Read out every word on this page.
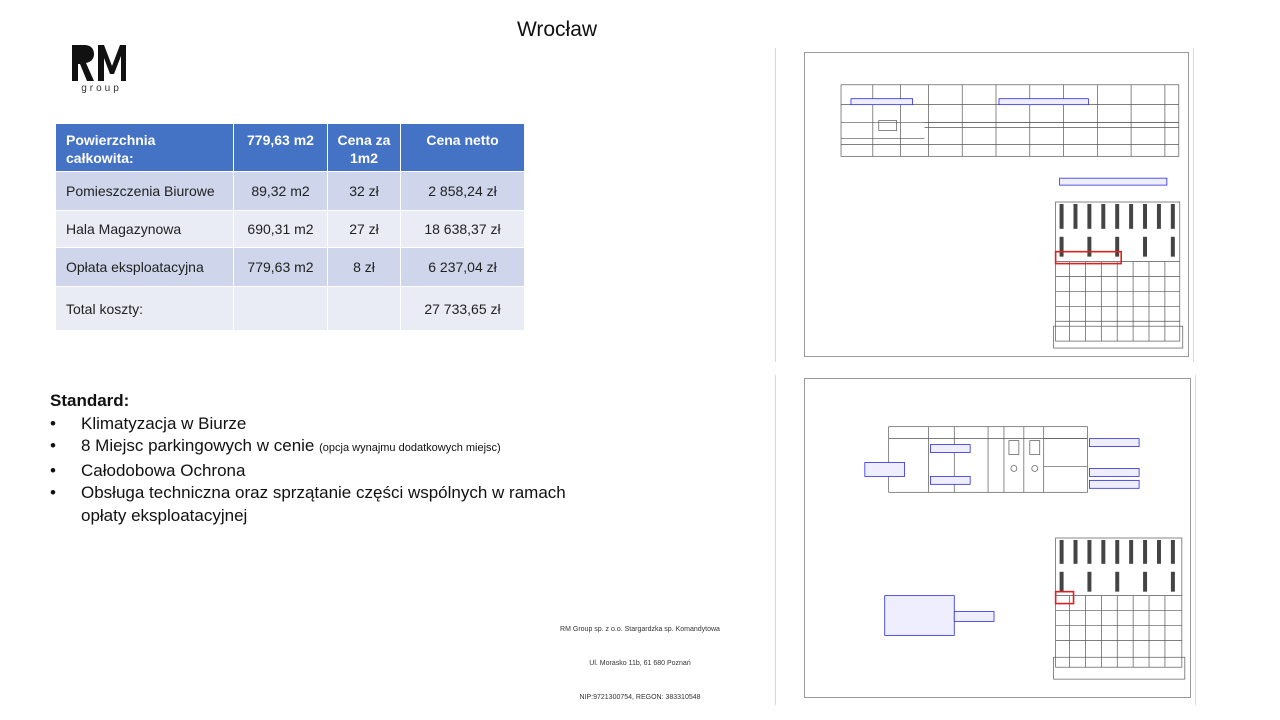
Wrocław
group
Powierzchnia całkowita:	779,63 m2	Cena za 1m2	Cena netto
Pomieszczenia Biurowe	89,32 m2	32 zł	2 858,24 zł
Hala Magazynowa	690,31 m2	27 zł	18 638,37 zł
Opłata eksploatacyjna	779,63 m2	8 zł	6 237,04 zł
Total koszty:			27 733,65 zł
Standard:
• Klimatyzacja w Biurze
• 8 Miejsc parkingowych w cenie (opcja wynajmu dodatkowych miejsc)
• Całodobowa Ochrona
• Obsługa techniczna oraz sprzątanie części wspólnych w ramach opłaty eksploatacyjnej
RM Group sp. z o.o. Stargardzka sp. Komandytowa
Ul. Morasko 11b, 61 680 Poznań
NIP:9721300754, REGON: 383310548
